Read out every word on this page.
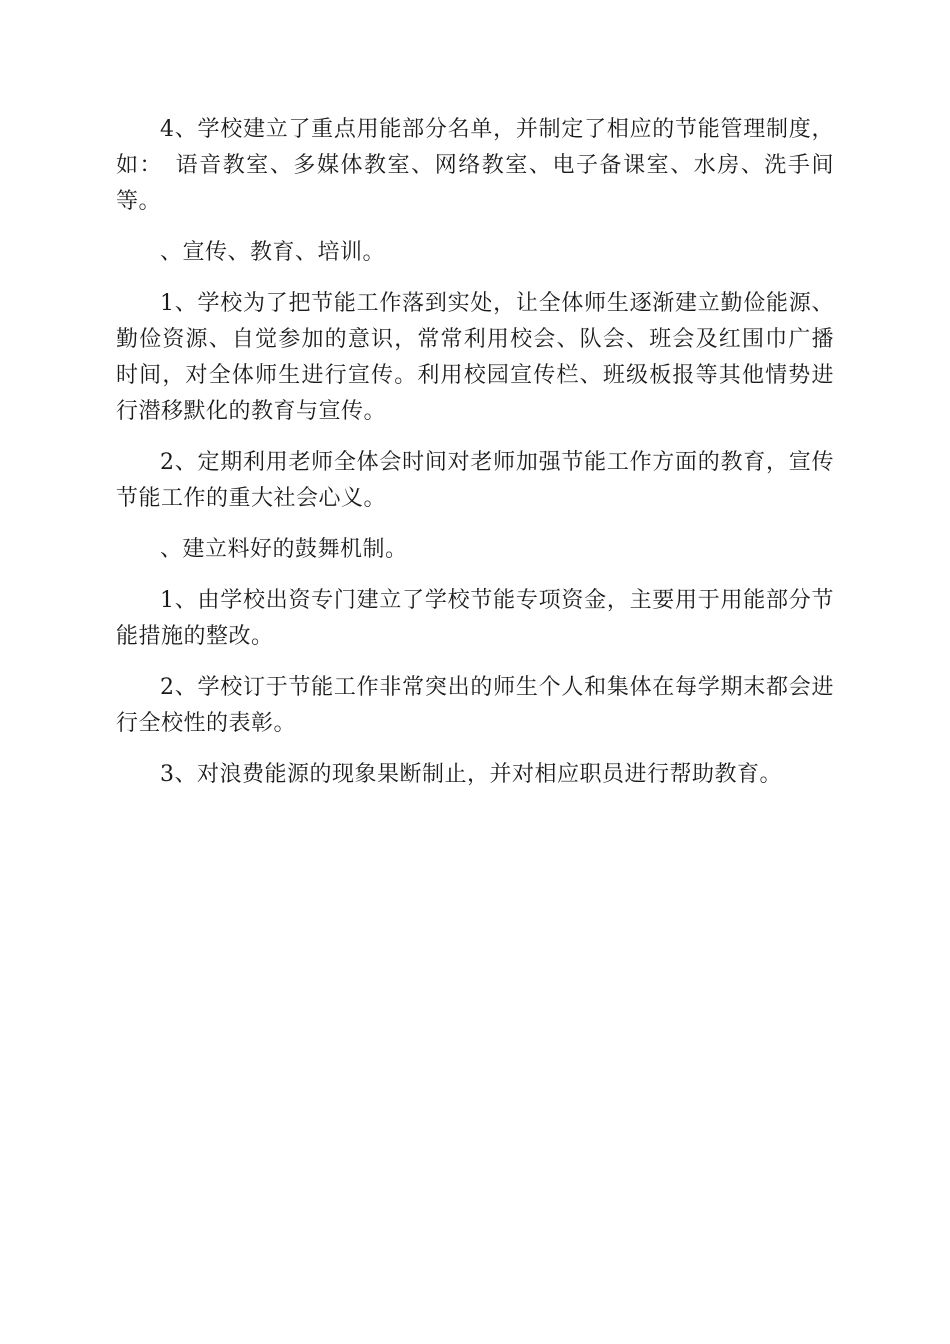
4、学校建立了重点用能部分名单，并制定了相应的节能管理制度，如：　语音教室、多媒体教室、网络教室、电子备课室、水房、洗手间等。

、宣传、教育、培训。

1、学校为了把节能工作落到实处，让全体师生逐渐建立勤俭能源、勤俭资源、自觉参加的意识，常常利用校会、队会、班会及红围巾广播时间，对全体师生进行宣传。利用校园宣传栏、班级板报等其他情势进行潜移默化的教育与宣传。

2、定期利用老师全体会时间对老师加强节能工作方面的教育，宣传节能工作的重大社会心义。

、建立料好的鼓舞机制。

1、由学校出资专门建立了学校节能专项资金，主要用于用能部分节能措施的整改。

2、学校订于节能工作非常突出的师生个人和集体在每学期末都会进行全校性的表彰。

3、对浪费能源的现象果断制止，并对相应职员进行帮助教育。
